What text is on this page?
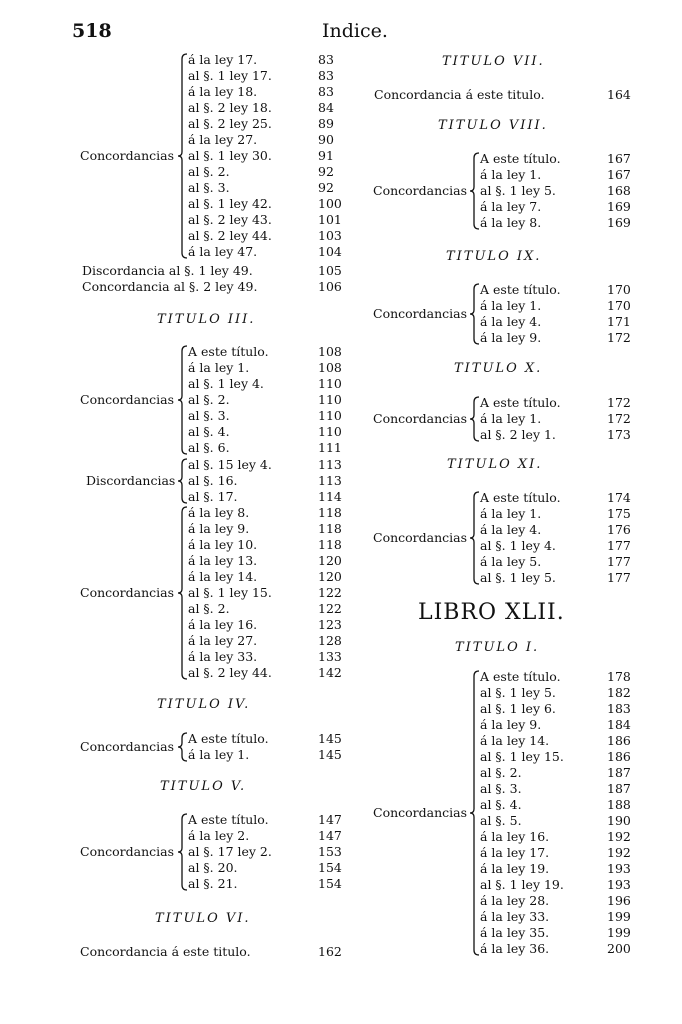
518	Indice.
á la ley 17.	83
al §. 1 ley 17.	83
á la ley 18.	83
al §. 2 ley 18.	84
al §. 2 ley 25.	89
á la ley 27.	90
al §. 1 ley 30.	91
al §. 2.	92
al §. 3.	92
al §. 1 ley 42.	100
al §. 2 ley 43.	101
al §. 2 ley 44.	103
á la ley 47.	104
Concordancias
Discordancia al §. 1 ley 49.	105
Concordancia al §. 2 ley 49.	106
TITULO III.
A este título.	108
á la ley 1.	108
al §. 1 ley 4.	110
al §. 2.	110
al §. 3.	110
al §. 4.	110
al §. 6.	111
Concordancias
al §. 15 ley 4.	113
al §. 16.	113
al §. 17.	114
Discordancias
á la ley 8.	118
á la ley 9.	118
á la ley 10.	118
á la ley 13.	120
á la ley 14.	120
al §. 1 ley 15.	122
al §. 2.	122
á la ley 16.	123
á la ley 27.	128
á la ley 33.	133
al §. 2 ley 44.	142
Concordancias
TITULO IV.
A este título.	145
á la ley 1.	145
Concordancias
TITULO V.
A este título.	147
á la ley 2.	147
al §. 17 ley 2.	153
al §. 20.	154
al §. 21.	154
Concordancias
TITULO VI.
Concordancia á este titulo.	162
TITULO VII.
Concordancia á este titulo.	164
TITULO VIII.
A este título.	167
á la ley 1.	167
al §. 1 ley 5.	168
á la ley 7.	169
á la ley 8.	169
Concordancias
TITULO IX.
A este título.	170
á la ley 1.	170
á la ley 4.	171
á la ley 9.	172
Concordancias
TITULO X.
A este título.	172
á la ley 1.	172
al §. 2 ley 1.	173
Concordancias
TITULO XI.
A este título.	174
á la ley 1.	175
á la ley 4.	176
al §. 1 ley 4.	177
á la ley 5.	177
al §. 1 ley 5.	177
Concordancias
LIBRO XLII.
TITULO I.
A este título.	178
al §. 1 ley 5.	182
al §. 1 ley 6.	183
á la ley 9.	184
á la ley 14.	186
al §. 1 ley 15.	186
al §. 2.	187
al §. 3.	187
al §. 4.	188
al §. 5.	190
á la ley 16.	192
á la ley 17.	192
á la ley 19.	193
al §. 1 ley 19.	193
á la ley 28.	196
á la ley 33.	199
á la ley 35.	199
á la ley 36.	200
Concordancias
